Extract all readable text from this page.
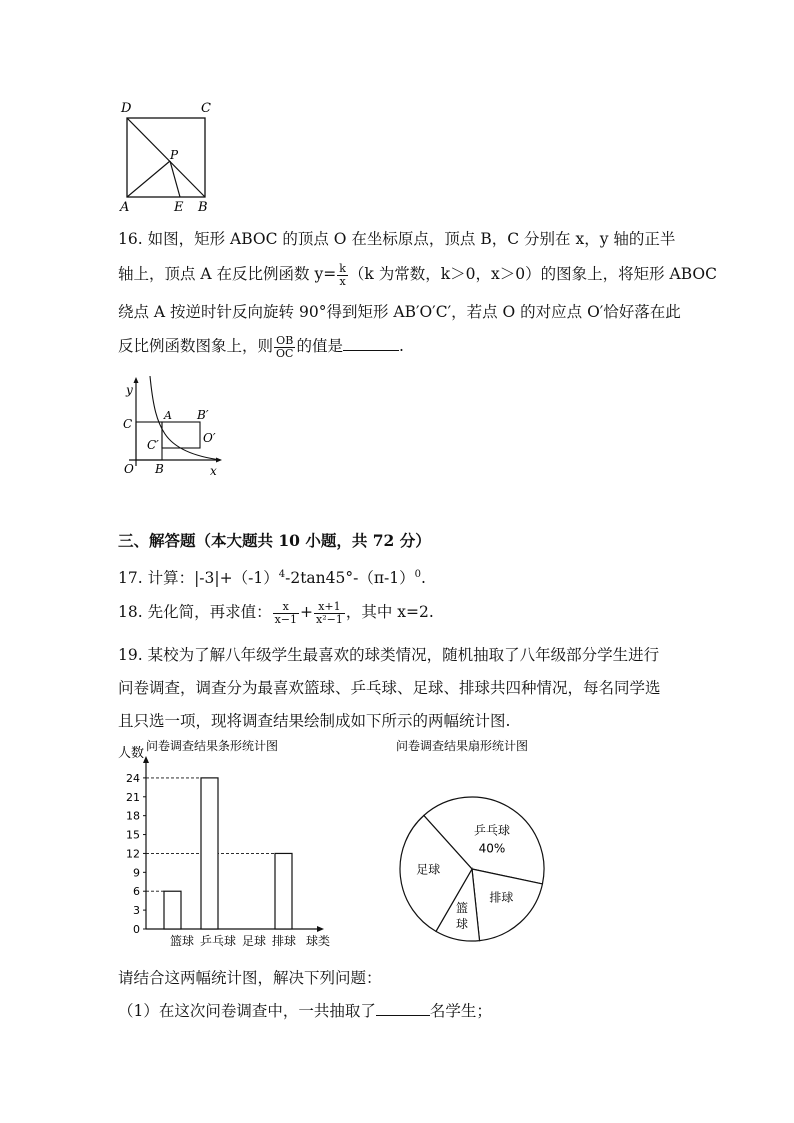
D	C
P
A	E B
16. 如图，矩形 ABOC 的顶点 O 在坐标原点，顶点 B，C 分别在 x，y 轴的正半
轴上，顶点 A 在反比例函数 $y= \frac{k}{x} (k$ 为常数，k＞0，x＞0）的图象上，将矩形 ABOC
绕点 A 按逆时针反向旋转 90°得到矩形 AB′O′C′，若点 O 的对应点 O′恰好落在此
反比例函数图象上，则 $\frac{OB}{OC}$ 的值是	.
y
x
O B
C
A B′
C′	O′
三、解答题（本大题共 10 小题，共 72 分）
17. 计算：$|-3|+(-1)^4-2\tan 45^\circ-(\pi-1)^0$.
18. 先化简，再求值： $\frac{x}{x-1} + \frac{x+1}{\text{x²−1}}$ ，其中 x=2.
19. 某校为了解八年级学生最喜欢的球类情况，随机抽取了八年级部分学生进行
问卷调查，调查分为最喜欢篮球、乒乓球、足球、排球共四种情况，每名同学选
且只选一项，现将调查结果绘制成如下所示的两幅统计图.
问卷调查结果条形统计图
人数
0
3
6
9
12
15
18
21
24
篮球 乒乓球 足球 排球 球类
问卷调查结果扇形统计图
乒乓球
40%
排球
篮
球
足球
请结合这两幅统计图，解决下列问题：
（1）在这次问卷调查中，一共抽取了	名学生；
